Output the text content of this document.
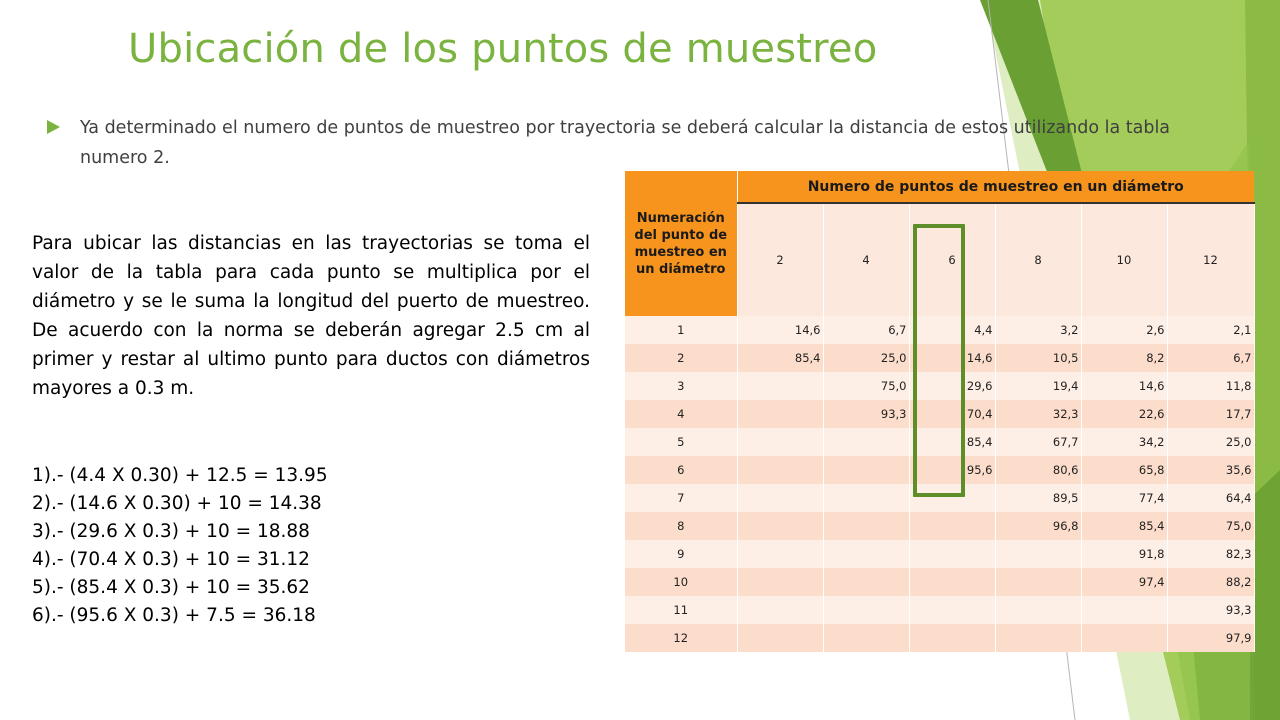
Ubicación de los puntos de muestreo
Ya determinado el numero de puntos de muestreo por trayectoria se deberá calcular la distancia de estos utilizando la tabla numero 2.
Para ubicar las distancias en las trayectorias se toma el valor de la tabla para cada punto se multiplica por el diámetro y se le suma la longitud del puerto de muestreo. De acuerdo con la norma se deberán agregar 2.5 cm al primer y restar al ultimo punto para ductos con diámetros mayores a 0.3 m.
1).- (4.4 X 0.30) + 12.5 = 13.95
2).- (14.6 X 0.30) + 10 = 14.38
3).- (29.6 X 0.3) + 10 = 18.88
4).- (70.4 X 0.3) + 10 = 31.12
5).- (85.4 X 0.3) + 10 = 35.62
6).- (95.6 X 0.3) + 7.5 = 36.18
Numeración del punto de muestreo en un diámetro	Numero de puntos de muestreo en un diámetro					
	2	4	6	8	10	12
1	14,6	6,7	4,4	3,2	2,6	2,1
2	85,4	25,0	14,6	10,5	8,2	6,7
3		75,0	29,6	19,4	14,6	11,8
4		93,3	70,4	32,3	22,6	17,7
5			85,4	67,7	34,2	25,0
6			95,6	80,6	65,8	35,6
7				89,5	77,4	64,4
8				96,8	85,4	75,0
9					91,8	82,3
10					97,4	88,2
11						93,3
12						97,9
